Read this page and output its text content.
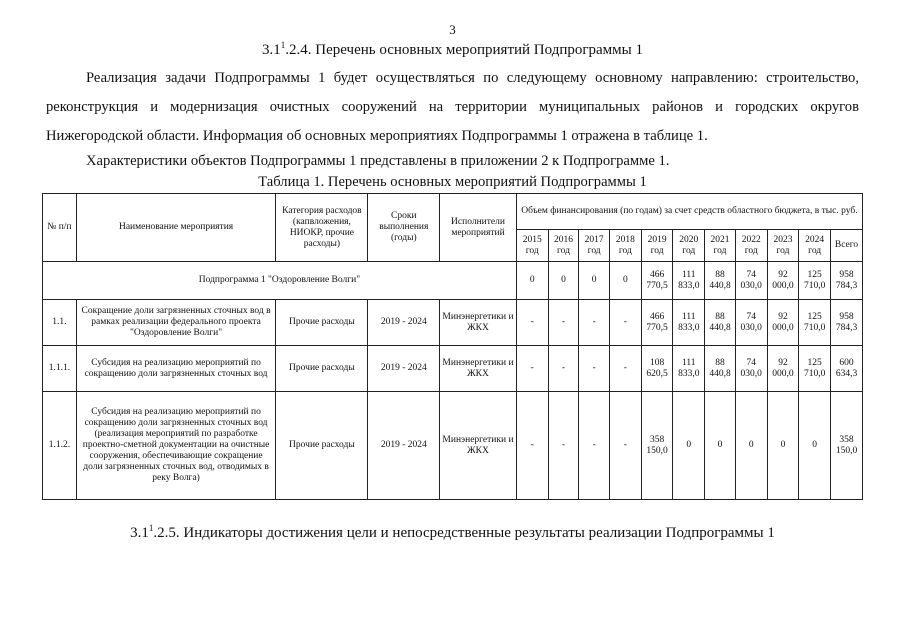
3
$3.1^1.2.4$. Перечень основных мероприятий Подпрограммы 1
Реализация задачи Подпрограммы 1 будет осуществляться по следующему основному направлению: строительство, реконструкция и модернизация очистных сооружений на территории муниципальных районов и городских округов Нижегородской области. Информация об основных мероприятиях Подпрограммы 1 отражена в таблице 1.
Характеристики объектов Подпрограммы 1 представлены в приложении 2 к Подпрограмме 1.
Таблица 1. Перечень основных мероприятий Подпрограммы 1
№ п/п	Наименование мероприятия	Категория расходов (капвложения, НИОКР, прочие расходы)	Сроки выполнения (годы)	Исполнители мероприятий	Объем финансирования (по годам) за счет средств областного бюджета, в тыс. руб.										
					2015 год	2016 год	2017 год	2018 год	2019 год	2020 год	2021 год	2022 год	2023 год	2024 год	Всего
Подпрограмма 1 "Оздоровление Волги"					0	0	0	0	466 770,5	111 833,0	88 440,8	74 030,0	92 000,0	125 710,0	958 784,3
1.1.	Сокращение доли загрязненных сточных вод в рамках реализации федерального проекта "Оздоровление Волги"	Прочие расходы	2019 - 2024	Минэнергетики и ЖКХ	-	-	-	-	466 770,5	111 833,0	88 440,8	74 030,0	92 000,0	125 710,0	958 784,3
1.1.1.	Субсидия на реализацию мероприятий по сокращению доли загрязненных сточных вод	Прочие расходы	2019 - 2024	Минэнергетики и ЖКХ	-	-	-	-	108 620,5	111 833,0	88 440,8	74 030,0	92 000,0	125 710,0	600 634,3
1.1.2.	Субсидия на реализацию мероприятий по сокращению доли загрязненных сточных вод (реализация мероприятий по разработке проектно-сметной документации на очистные сооружения, обеспечивающие сокращение доли загрязненных сточных вод, отводимых в реку Волга)	Прочие расходы	2019 - 2024	Минэнергетики и ЖКХ	-	-	-	-	358 150,0	0	0	0	0	0	358 150,0
$3.1^1.2.5$. Индикаторы достижения цели и непосредственные результаты реализации Подпрограммы 1
